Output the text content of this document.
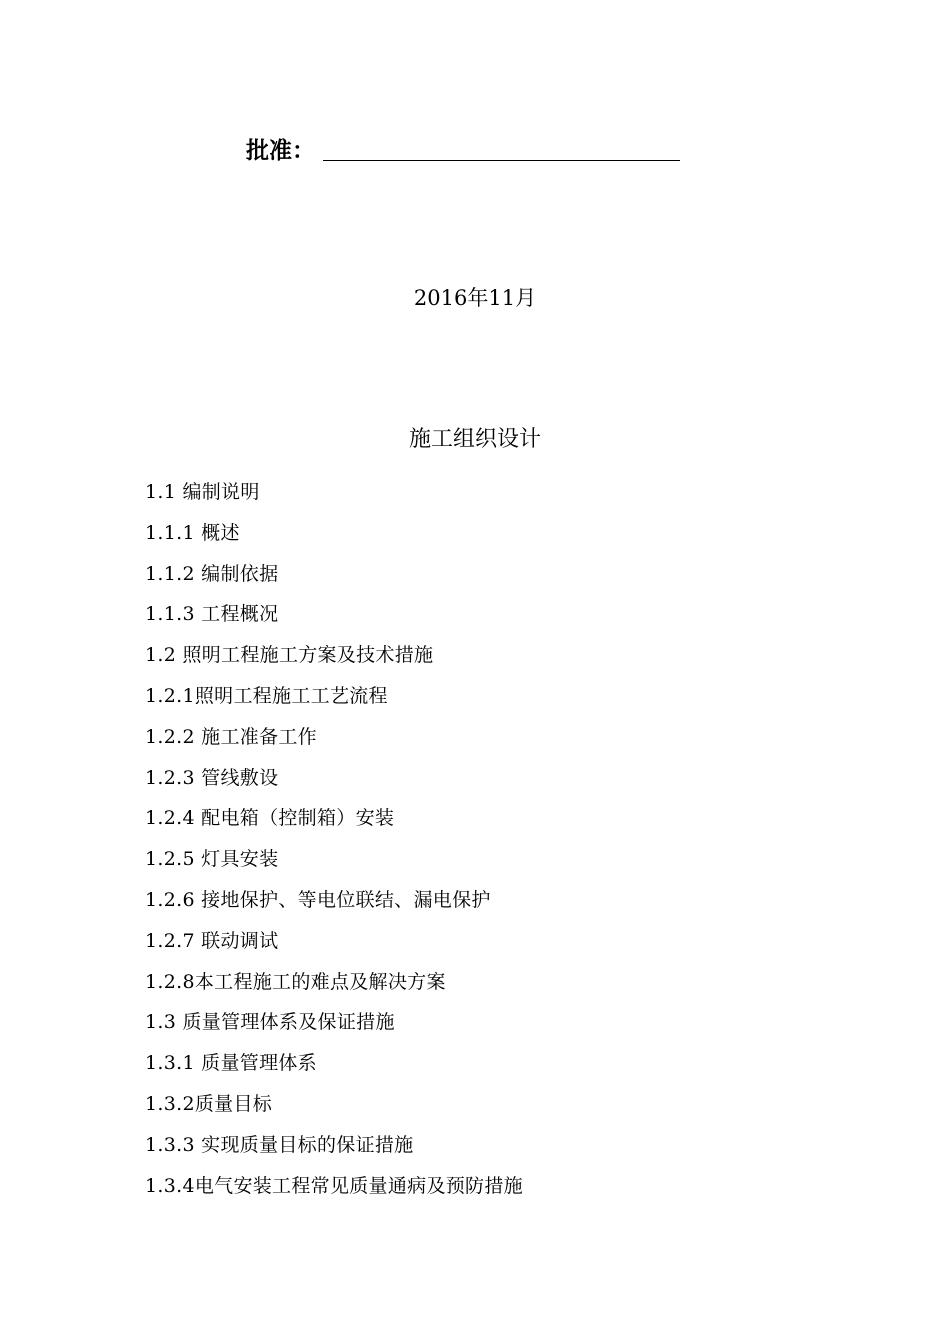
批准：
2016年11月
施工组织设计
1.1 编制说明
1.1.1 概述
1.1.2 编制依据
1.1.3 工程概况
1.2 照明工程施工方案及技术措施
1.2.1照明工程施工工艺流程
1.2.2 施工准备工作
1.2.3 管线敷设
1.2.4 配电箱（控制箱）安装
1.2.5 灯具安装
1.2.6 接地保护、等电位联结、漏电保护
1.2.7 联动调试
1.2.8本工程施工的难点及解决方案
1.3 质量管理体系及保证措施
1.3.1 质量管理体系
1.3.2质量目标
1.3.3 实现质量目标的保证措施
1.3.4电气安装工程常见质量通病及预防措施
